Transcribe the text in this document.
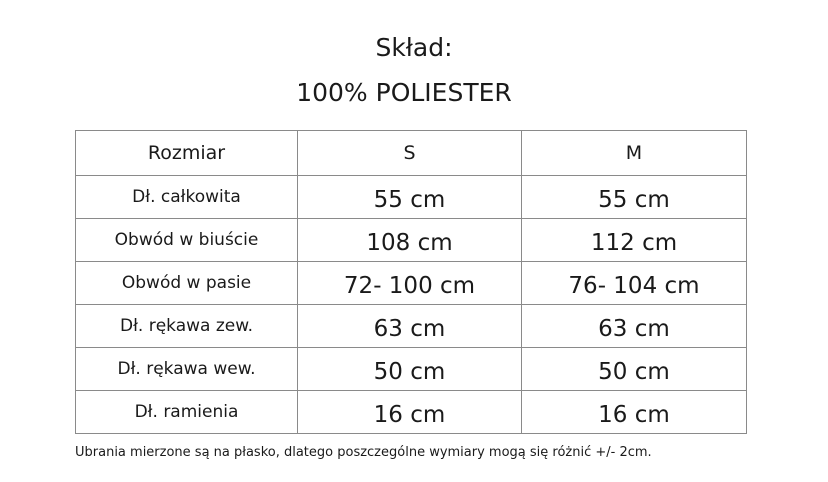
Skład:
100% POLIESTER
Rozmiar	S	M
Dł. całkowita	55 cm	55 cm
Obwód w biuście	108 cm	112 cm
Obwód w pasie	72- 100 cm	76- 104 cm
Dł. rękawa zew.	63 cm	63 cm
Dł. rękawa wew.	50 cm	50 cm
Dł. ramienia	16 cm	16 cm
Ubrania mierzone są na płasko, dlatego poszczególne wymiary mogą się różnić +/- 2cm.
